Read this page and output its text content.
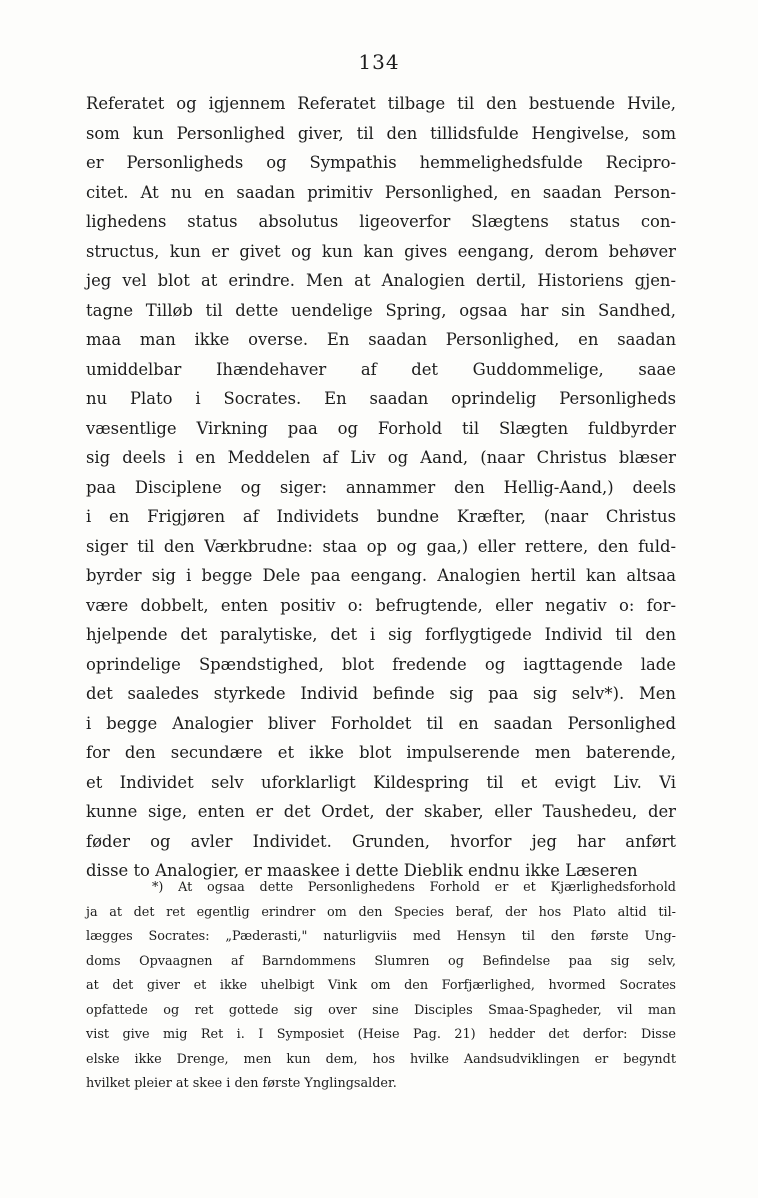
134
Referatet og igjennem Referatet tilbage til den bestuende Hvile,
som kun Personlighed giver, til den tillidsfulde Hengivelse, som
er Personligheds og Sympathis hemmelighedsfulde Recipro-
citet. At nu en saadan primitiv Personlighed, en saadan Person-
lighedens status absolutus ligeoverfor Slægtens status con-
structus, kun er givet og kun kan gives eengang, derom behøver
jeg vel blot at erindre. Men at Analogien dertil, Historiens gjen-
tagne Tilløb til dette uendelige Spring, ogsaa har sin Sandhed,
maa man ikke overse. En saadan Personlighed, en saadan
umiddelbar Ihændehaver af det Guddommelige, saae
nu Plato i Socrates. En saadan oprindelig Personligheds
væsentlige Virkning paa og Forhold til Slægten fuldbyrder
sig deels i en Meddelen af Liv og Aand, (naar Christus blæser
paa Disciplene og siger: annammer den Hellig-Aand,) deels
i en Frigjøren af Individets bundne Kræfter, (naar Christus
siger til den Værkbrudne: staa op og gaa,) eller rettere, den fuld-
byrder sig i begge Dele paa eengang. Analogien hertil kan altsaa
være dobbelt, enten positiv o: befrugtende, eller negativ o: for-
hjelpende det paralytiske, det i sig forflygtigede Individ til den
oprindelige Spændstighed, blot fredende og iagttagende lade
det saaledes styrkede Individ befinde sig paa sig selv*). Men
i begge Analogier bliver Forholdet til en saadan Personlighed
for den secundære et ikke blot impulserende men baterende,
et Individet selv uforklarligt Kildespring til et evigt Liv. Vi
kunne sige, enten er det Ordet, der skaber, eller Taushedeu, der
føder og avler Individet. Grunden, hvorfor jeg har anført
disse to Analogier, er maaskee i dette Dieblik endnu ikke Læseren
*) At ogsaa dette Personlighedens Forhold er et Kjærlighedsforhold
ja at det ret egentlig erindrer om den Species beraf, der hos Plato altid til-
lægges Socrates: „Pæderasti," naturligviis med Hensyn til den første Ung-
doms Opvaagnen af Barndommens Slumren og Befindelse paa sig selv,
at det giver et ikke uhelbigt Vink om den Forfjærlighed, hvormed Socrates
opfattede og ret gottede sig over sine Disciples Smaa-Spagheder, vil man
vist give mig Ret i. I Symposiet (Heise Pag. 21) hedder det derfor: Disse
elske ikke Drenge, men kun dem, hos hvilke Aandsudviklingen er begyndt
hvilket pleier at skee i den første Ynglingsalder.
